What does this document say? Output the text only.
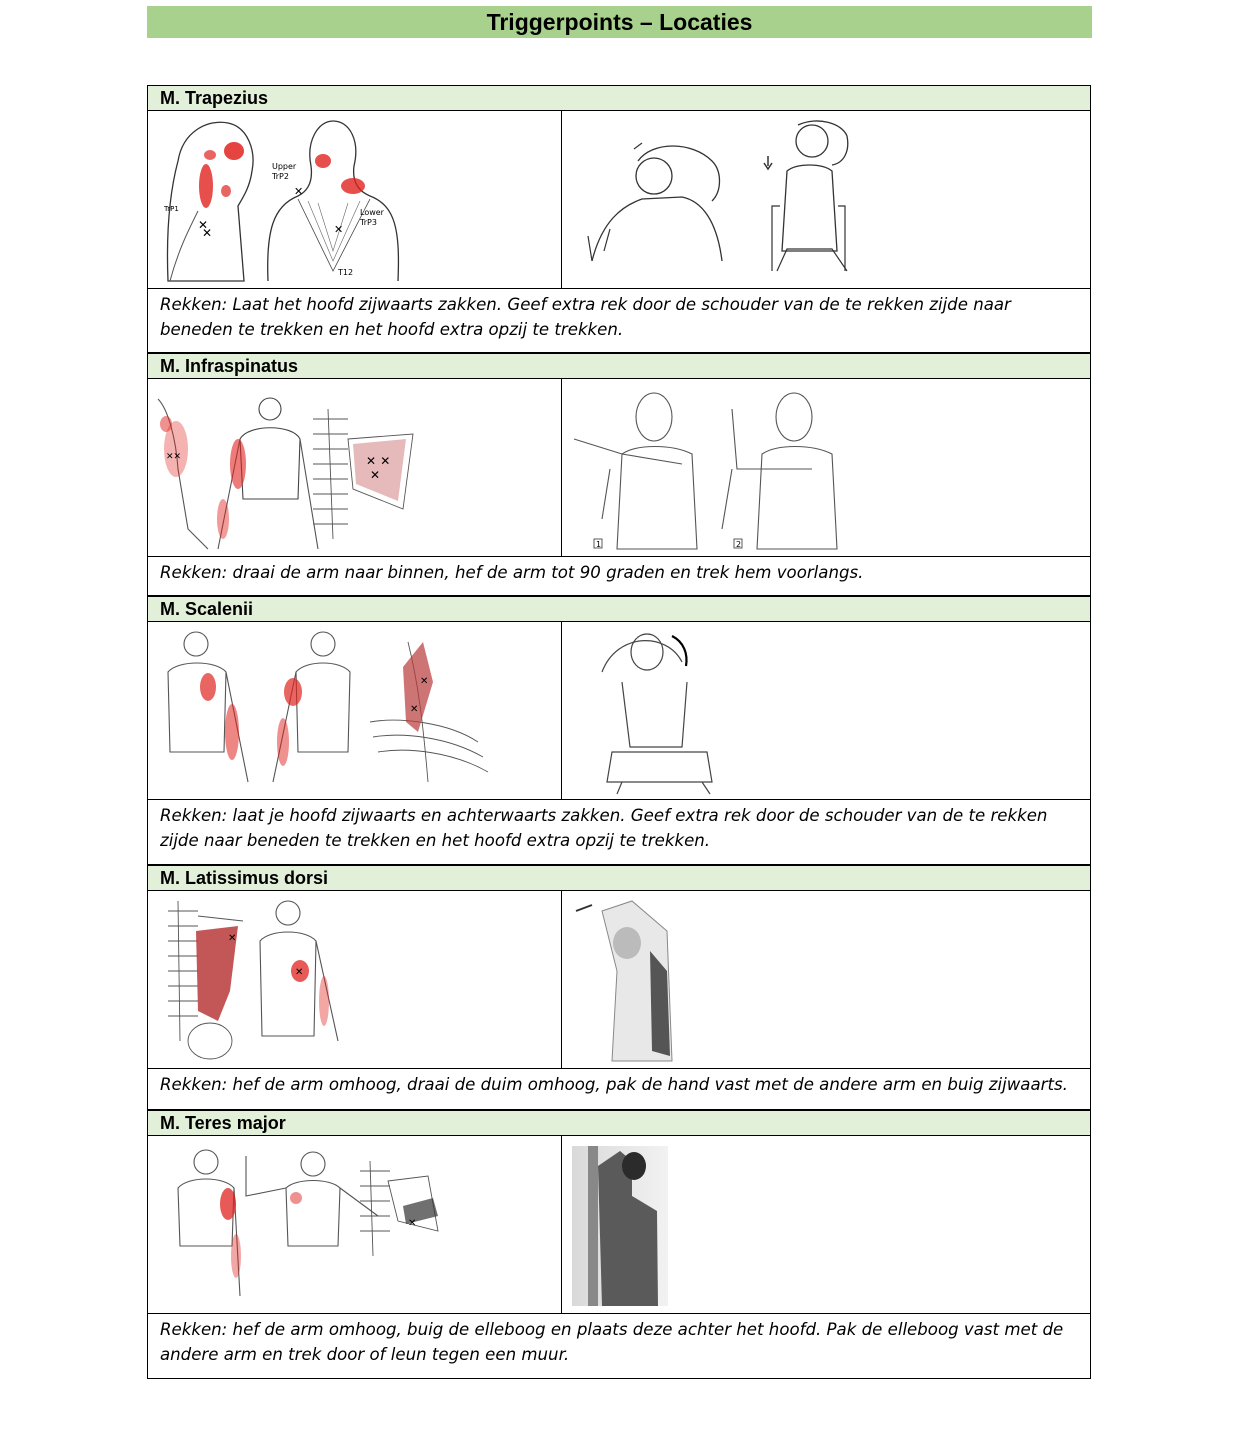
Triggerpoints – Locaties
M. Trapezius
✕
✕
TrP1
✕
✕
Upper
TrP2
Lower
TrP3
T12
Rekken: Laat het hoofd zijwaarts zakken. Geef extra rek door de schouder van de te rekken zijde naar beneden te trekken en het hoofd extra opzij te trekken.
M. Infraspinatus
✕✕	✕ ✕
✕
1	2
Rekken: draai de arm naar binnen, hef de arm tot 90 graden en trek hem voorlangs.
M. Scalenii
✕
✕
Rekken: laat je hoofd zijwaarts en achterwaarts zakken. Geef extra rek door de schouder van de te rekken zijde naar beneden te trekken en het hoofd extra opzij te trekken.
M. Latissimus dorsi
✕
✕
Rekken: hef de arm omhoog, draai de duim omhoog, pak de hand vast met de andere arm en buig zijwaarts.
M. Teres major
✕
Rekken: hef de arm omhoog, buig de elleboog en plaats deze achter het hoofd. Pak de elleboog vast met de andere arm en trek door of leun tegen een muur.
